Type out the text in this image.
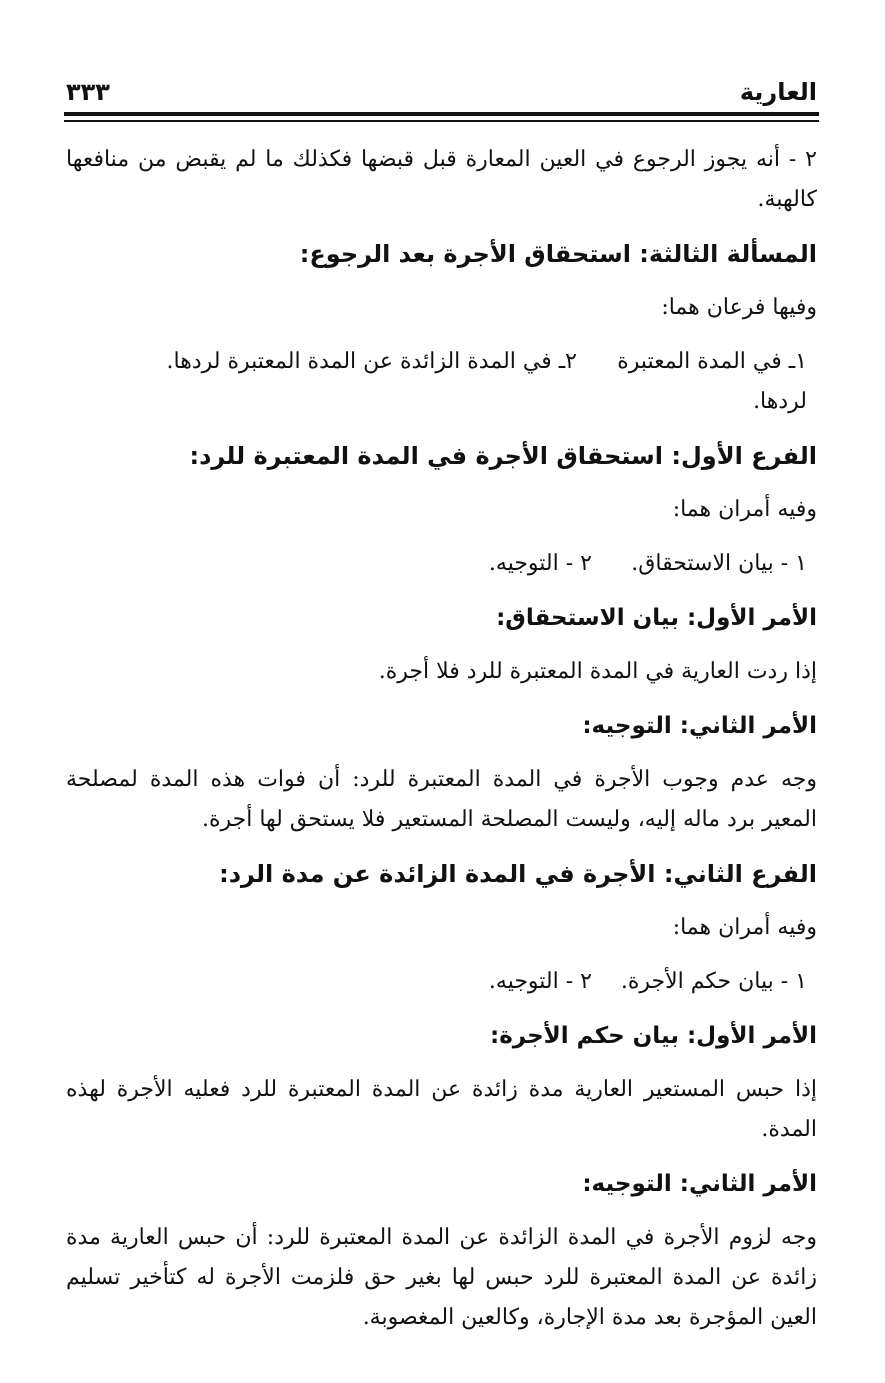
العارية
٣٣٣

٢ - أنه يجوز الرجوع في العين المعارة قبل قبضها فكذلك ما لم يقبض من منافعها كالهبة.

المسألة الثالثة: استحقاق الأجرة بعد الرجوع:

وفيها فرعان هما:

١ـ في المدة المعتبرة لردها.
٢ـ في المدة الزائدة عن المدة المعتبرة لردها.
الفرع الأول: استحقاق الأجرة في المدة المعتبرة للرد:

وفيه أمران هما:

١ - بيان الاستحقاق.
٢ - التوجيه.
الأمر الأول: بيان الاستحقاق:

إذا ردت العارية في المدة المعتبرة للرد فلا أجرة.

الأمر الثاني: التوجيه:

وجه عدم وجوب الأجرة في المدة المعتبرة للرد: أن فوات هذه المدة لمصلحة المعير برد ماله إليه، وليست المصلحة المستعير فلا يستحق لها أجرة.

الفرع الثاني: الأجرة في المدة الزائدة عن مدة الرد:

وفيه أمران هما:

١ - بيان حكم الأجرة.
٢ - التوجيه.
الأمر الأول: بيان حكم الأجرة:

إذا حبس المستعير العارية مدة زائدة عن المدة المعتبرة للرد فعليه الأجرة لهذه المدة.

الأمر الثاني: التوجيه:

وجه لزوم الأجرة في المدة الزائدة عن المدة المعتبرة للرد: أن حبس العارية مدة زائدة عن المدة المعتبرة للرد حبس لها بغير حق فلزمت الأجرة له كتأخير تسليم العين المؤجرة بعد مدة الإجارة، وكالعين المغصوبة.
